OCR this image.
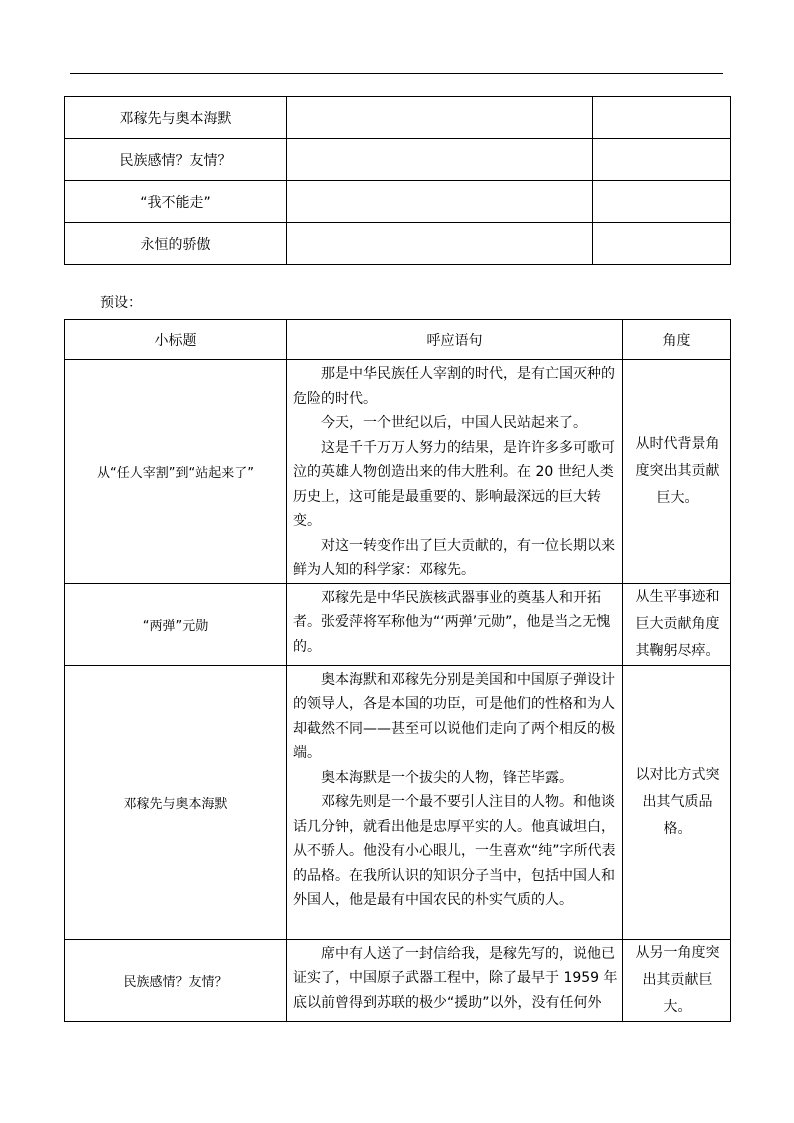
邓稼先与奥本海默		
民族感情？友情？		
“我不能走”		
永恒的骄傲		
预设：
小标题	呼应语句	角度
从“任人宰割”到“站起来了”	那是中华民族任人宰割的时代，是有亡国灭种的危险的时代。

今天，一个世纪以后，中国人民站起来了。

这是千千万万人努力的结果，是许许多多可歌可泣的英雄人物创造出来的伟大胜利。在 20 世纪人类历史上，这可能是最重要的、影响最深远的巨大转变。

对这一转变作出了巨大贡献的，有一位长期以来鲜为人知的科学家：邓稼先。	从时代背景角度突出其贡献巨大。
“两弹”元勋	邓稼先是中华民族核武器事业的奠基人和开拓者。张爱萍将军称他为“‘两弹’元勋”，他是当之无愧的。	从生平事迹和巨大贡献角度其鞠躬尽瘁。
邓稼先与奥本海默	奥本海默和邓稼先分别是美国和中国原子弹设计的领导人，各是本国的功臣，可是他们的性格和为人却截然不同——甚至可以说他们走向了两个相反的极端。

奥本海默是一个拔尖的人物，锋芒毕露。

邓稼先则是一个最不要引人注目的人物。和他谈话几分钟，就看出他是忠厚平实的人。他真诚坦白，从不骄人。他没有小心眼儿，一生喜欢“纯”字所代表的品格。在我所认识的知识分子当中，包括中国人和外国人，他是最有中国农民的朴实气质的人。	以对比方式突出其气质品格。
民族感情？友情？	席中有人送了一封信给我，是稼先写的，说他已证实了，中国原子武器工程中，除了最早于 1959 年底以前曾得到苏联的极少“援助”以外，没有任何外	从另一角度突出其贡献巨大。
